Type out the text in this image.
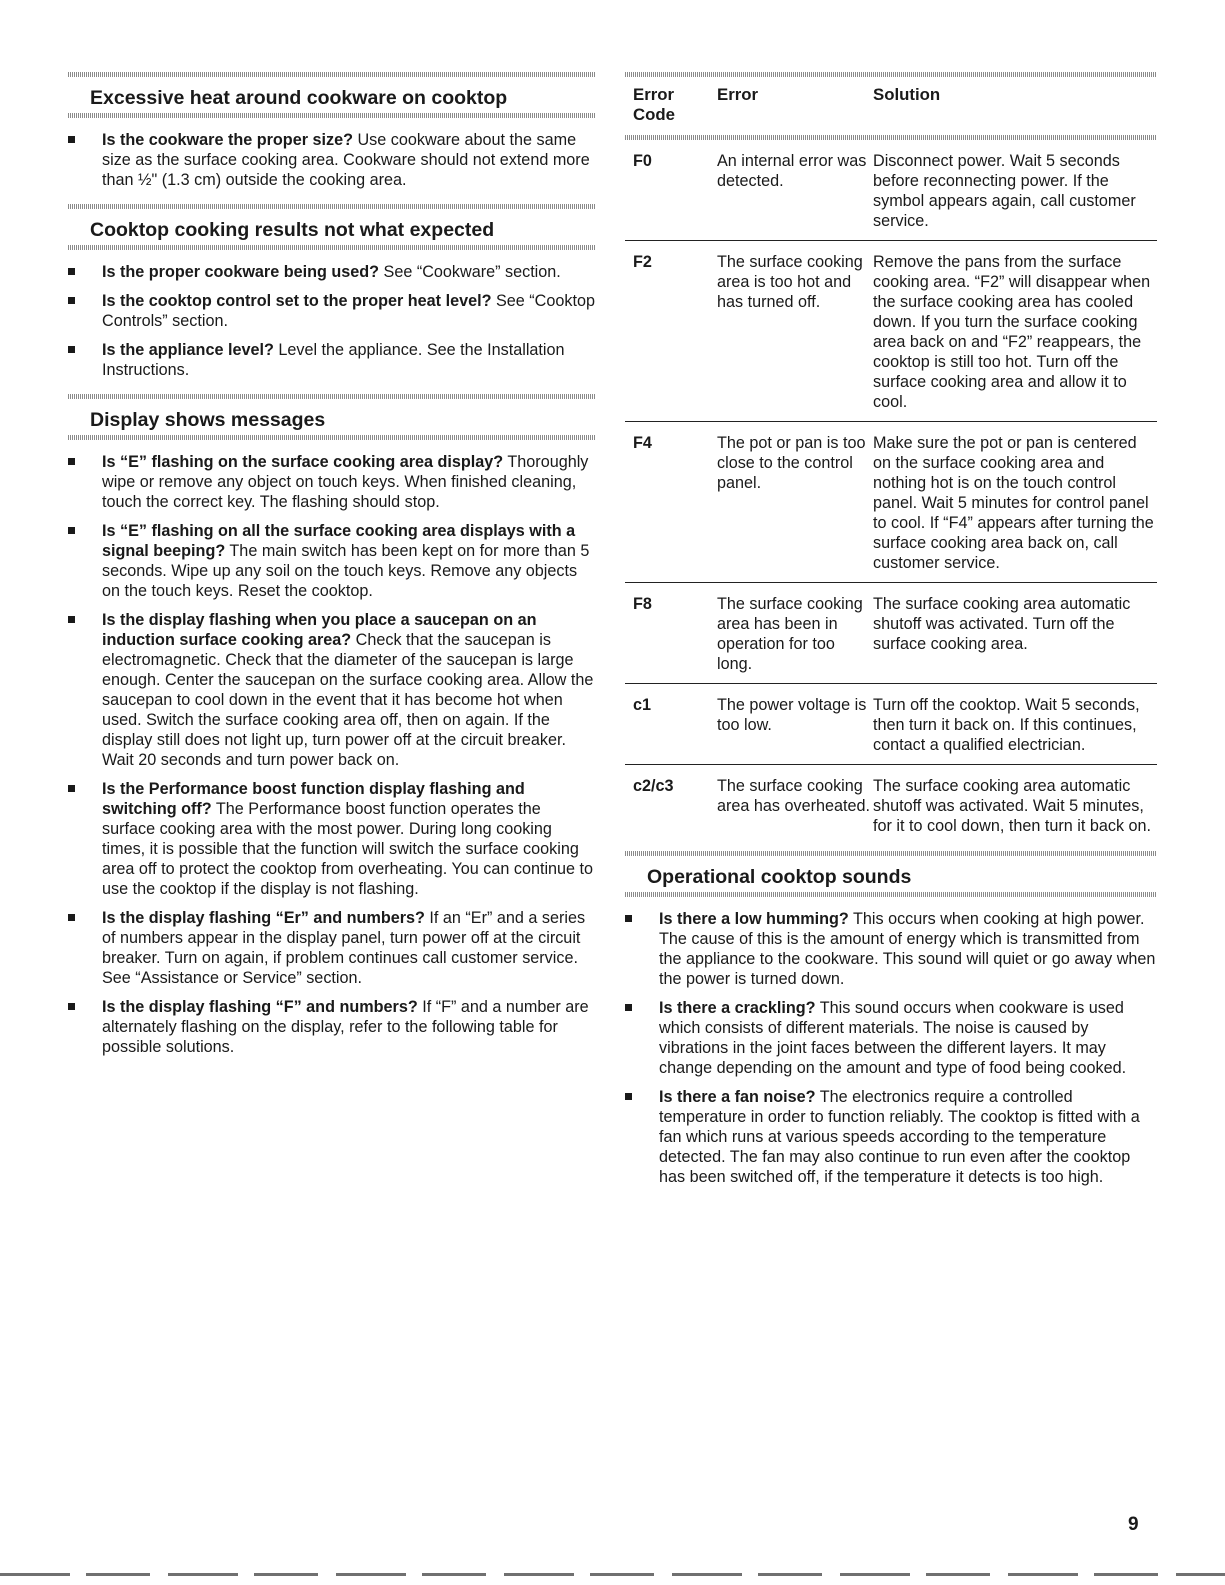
Excessive heat around cookware on cooktop
Is the cookware the proper size? Use cookware about the same size as the surface cooking area. Cookware should not extend more than ½" (1.3 cm) outside the cooking area.
Cooktop cooking results not what expected
Is the proper cookware being used? See “Cookware” section.
Is the cooktop control set to the proper heat level? See “Cooktop Controls” section.
Is the appliance level? Level the appliance. See the Installation Instructions.
Display shows messages
Is “E” flashing on the surface cooking area display? Thoroughly wipe or remove any object on touch keys. When finished cleaning, touch the correct key. The flashing should stop.
Is “E” flashing on all the surface cooking area displays with a signal beeping? The main switch has been kept on for more than 5 seconds. Wipe up any soil on the touch keys. Remove any objects on the touch keys. Reset the cooktop.
Is the display flashing when you place a saucepan on an induction surface cooking area? Check that the saucepan is electromagnetic. Check that the diameter of the saucepan is large enough. Center the saucepan on the surface cooking area. Allow the saucepan to cool down in the event that it has become hot when used. Switch the surface cooking area off, then on again. If the display still does not light up, turn power off at the circuit breaker. Wait 20 seconds and turn power back on.
Is the Performance boost function display flashing and switching off? The Performance boost function operates the surface cooking area with the most power. During long cooking times, it is possible that the function will switch the surface cooking area off to protect the cooktop from overheating. You can continue to use the cooktop if the display is not flashing.
Is the display flashing “Er” and numbers? If an “Er” and a series of numbers appear in the display panel, turn power off at the circuit breaker. Turn on again, if problem continues call customer service. See “Assistance or Service” section.
Is the display flashing “F” and numbers? If “F” and a number are alternately flashing on the display, refer to the following table for possible solutions.
Error Code	Error	Solution

F0	An internal error was detected.	Disconnect power. Wait 5 seconds before reconnecting power. If the symbol appears again, call customer service.
F2	The surface cooking area is too hot and has turned off.	Remove the pans from the surface cooking area. “F2” will disappear when the surface cooking area has cooled down. If you turn the surface cooking area back on and “F2” reappears, the cooktop is still too hot. Turn off the surface cooking area and allow it to cool.
F4	The pot or pan is too close to the control panel.	Make sure the pot or pan is centered on the surface cooking area and nothing hot is on the touch control panel. Wait 5 minutes for control panel to cool. If “F4” appears after turning the surface cooking area back on, call customer service.
F8	The surface cooking area has been in operation for too long.	The surface cooking area automatic shutoff was activated. Turn off the surface cooking area.
c1	The power voltage is too low.	Turn off the cooktop. Wait 5 seconds, then turn it back on. If this continues, contact a qualified electrician.
c2/c3	The surface cooking area has overheated.	The surface cooking area automatic shutoff was activated. Wait 5 minutes, for it to cool down, then turn it back on.
Operational cooktop sounds
Is there a low humming? This occurs when cooking at high power. The cause of this is the amount of energy which is transmitted from the appliance to the cookware. This sound will quiet or go away when the power is turned down.
Is there a crackling? This sound occurs when cookware is used which consists of different materials. The noise is caused by vibrations in the joint faces between the different layers. It may change depending on the amount and type of food being cooked.
Is there a fan noise? The electronics require a controlled temperature in order to function reliably. The cooktop is fitted with a fan which runs at various speeds according to the temperature detected. The fan may also continue to run even after the cooktop has been switched off, if the temperature it detects is too high.
9
